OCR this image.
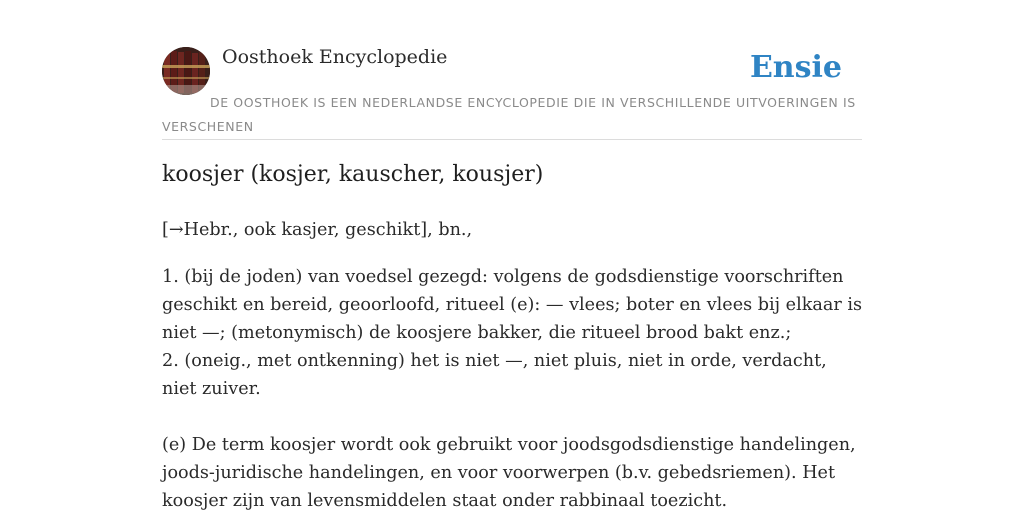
Oosthoek Encyclopedie	Ensie
DE OOSTHOEK IS EEN NEDERLANDSE ENCYCLOPEDIE DIE IN VERSCHILLENDE UITVOERINGEN IS VERSCHENEN
koosjer (kosjer, kauscher, kousjer)
[→Hebr., ook kasjer, geschikt], bn.,

1. (bij de joden) van voedsel gezegd: volgens de godsdienstige voorschriften geschikt en bereid, geoorloofd, ritueel (e): — vlees; boter en vlees bij elkaar is niet —; (metonymisch) de koosjere bakker, die ritueel brood bakt enz.;

2. (oneig., met ontkenning) het is niet —, niet pluis, niet in orde, verdacht, niet zuiver.

(e) De term koosjer wordt ook gebruikt voor joodsgodsdienstige handelingen, joods-juridische handelingen, en voor voorwerpen (b.v. gebedsriemen). Het koosjer zijn van levensmiddelen staat onder rabbinaal toezicht.
